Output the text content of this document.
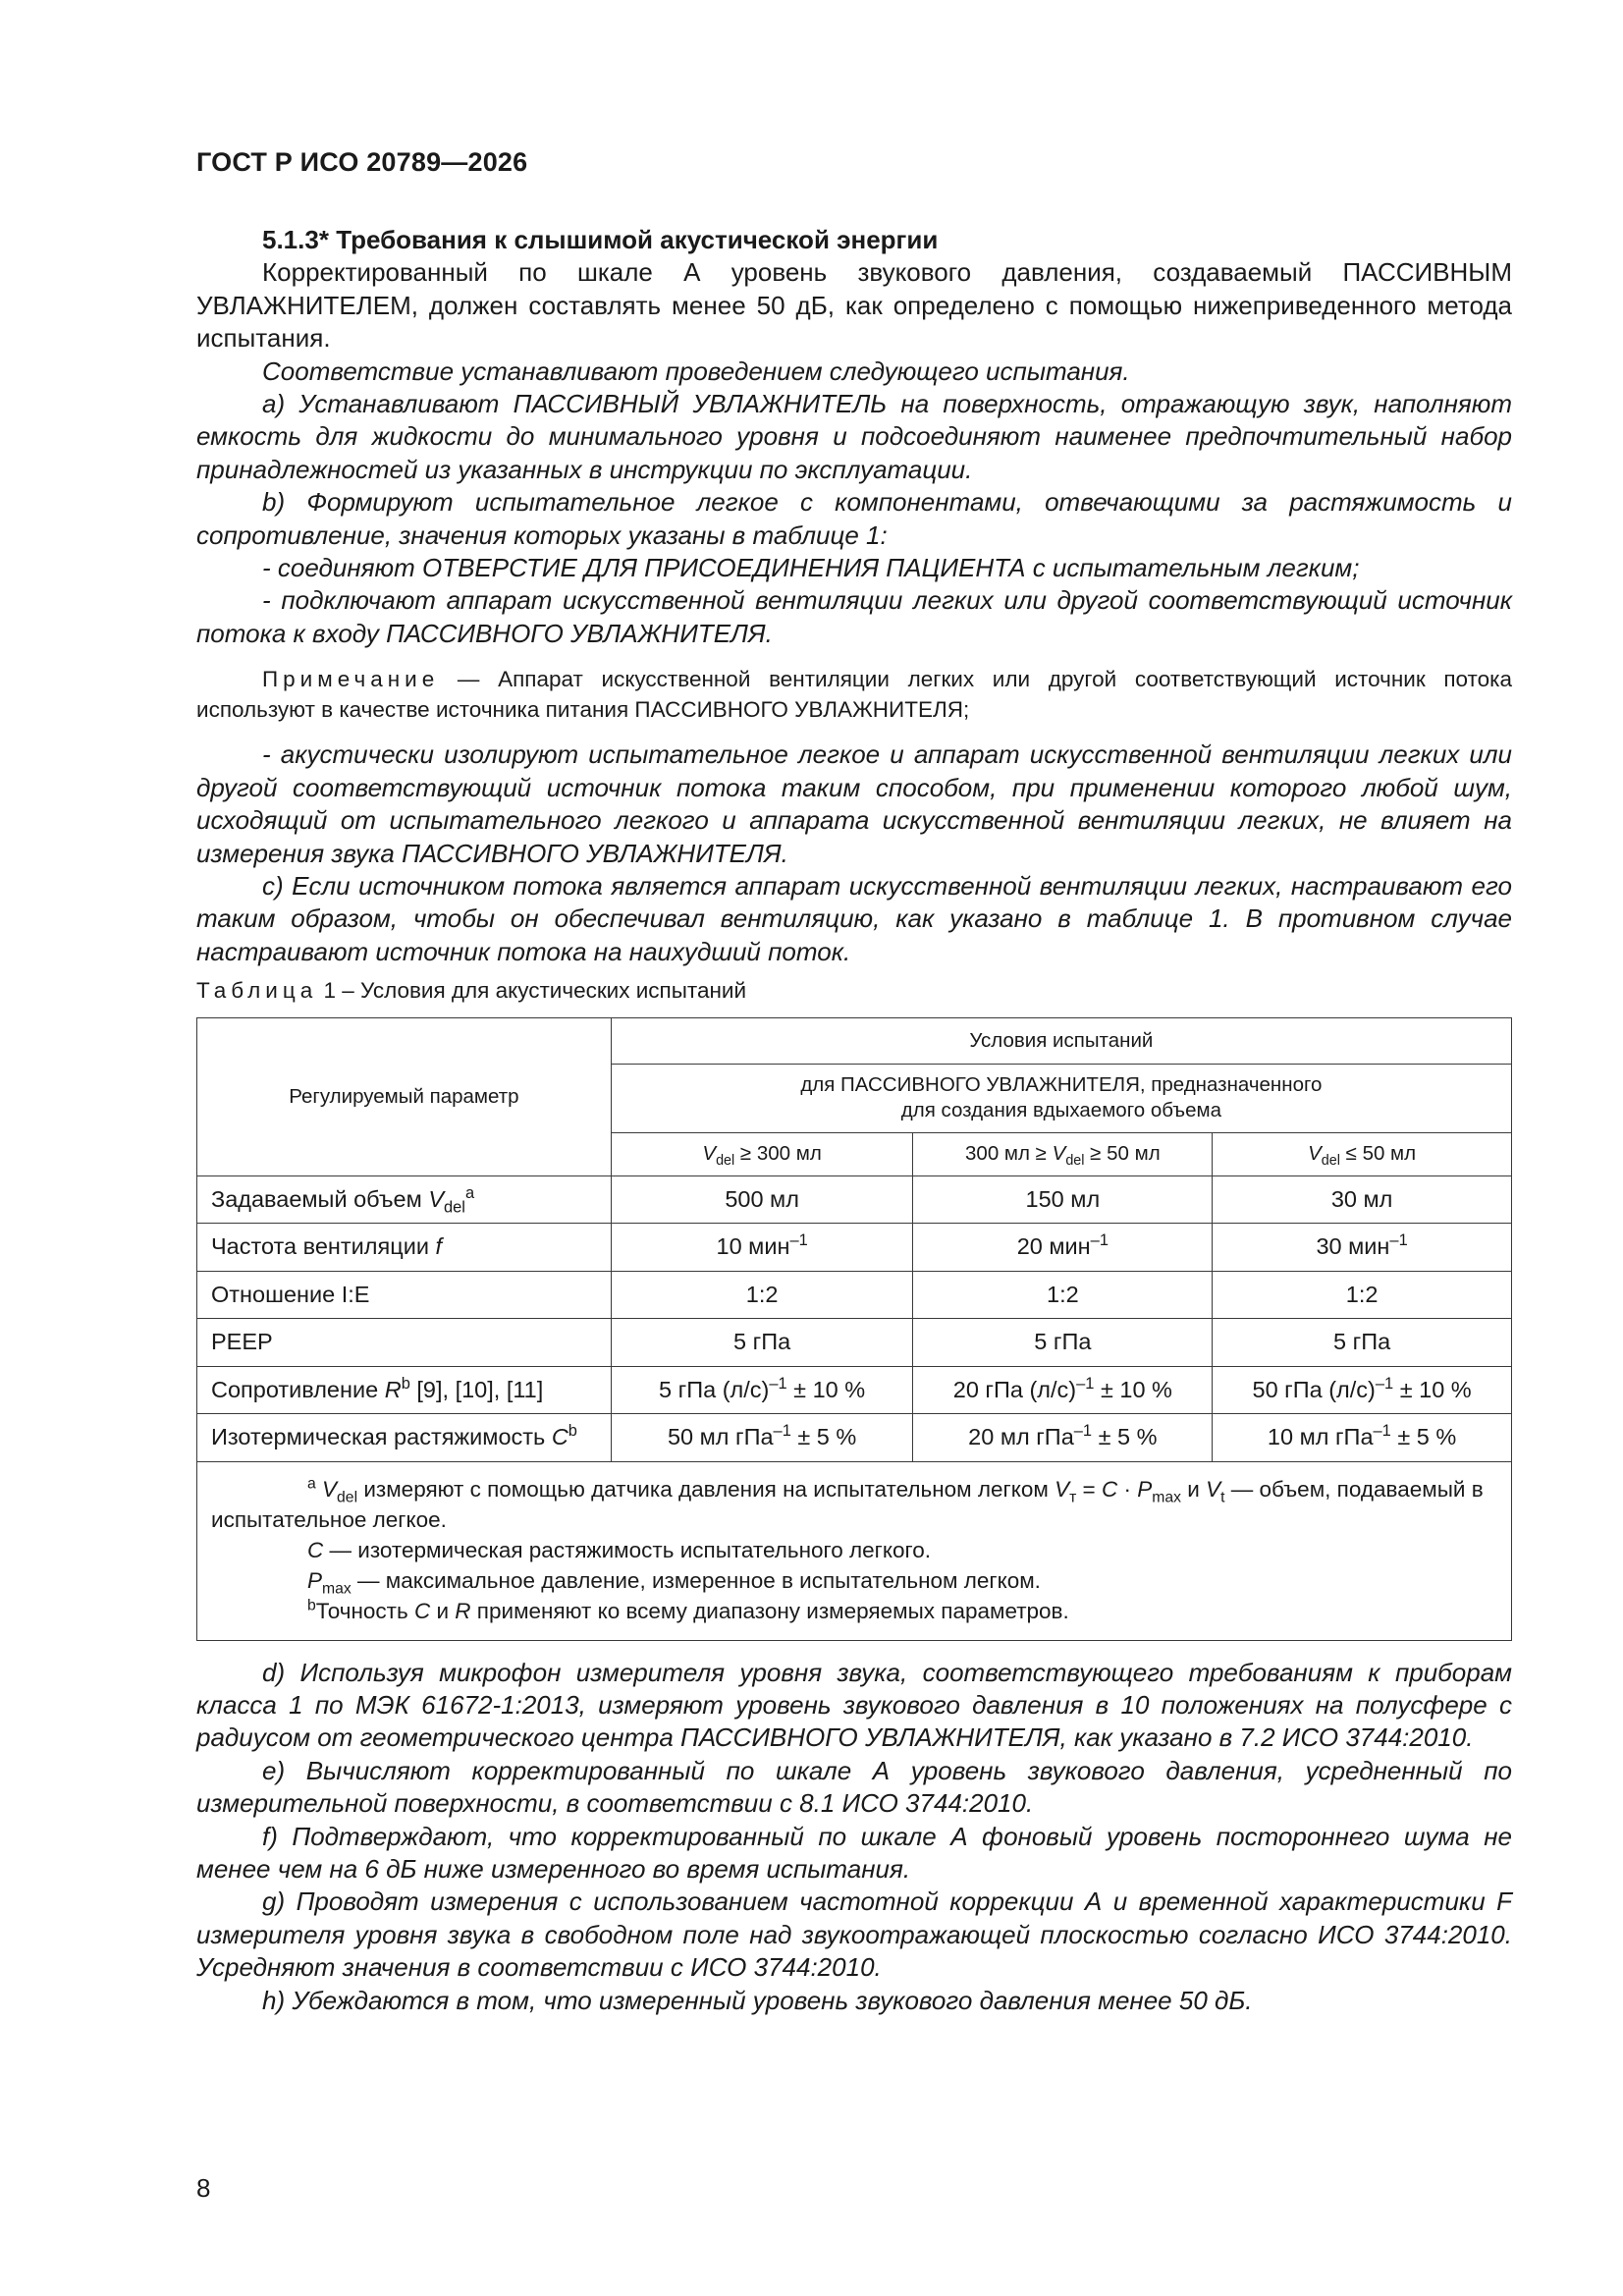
ГОСТ Р ИСО 20789—2026

5.1.3* Требования к слышимой акустической энергии

Корректированный по шкале А уровень звукового давления, создаваемый ПАССИВНЫМ УВЛАЖНИТЕЛЕМ, должен составлять менее 50 дБ, как определено с помощью нижеприведенного метода испытания.

Соответствие устанавливают проведением следующего испытания.

а) Устанавливают ПАССИВНЫЙ УВЛАЖНИТЕЛЬ на поверхность, отражающую звук, наполняют емкость для жидкости до минимального уровня и подсоединяют наименее предпочтительный набор принадлежностей из указанных в инструкции по эксплуатации.

b) Формируют испытательное легкое с компонентами, отвечающими за растяжимость и сопротивление, значения которых указаны в таблице 1:

- соединяют ОТВЕРСТИЕ ДЛЯ ПРИСОЕДИНЕНИЯ ПАЦИЕНТА с испытательным легким;

- подключают аппарат искусственной вентиляции легких или другой соответствующий источник потока к входу ПАССИВНОГО УВЛАЖНИТЕЛЯ.

Примечание — Аппарат искусственной вентиляции легких или другой соответствующий источник потока используют в качестве источника питания ПАССИВНОГО УВЛАЖНИТЕЛЯ;

- акустически изолируют испытательное легкое и аппарат искусственной вентиляции легких или другой соответствующий источник потока таким способом, при применении которого любой шум, исходящий от испытательного легкого и аппарата искусственной вентиляции легких, не влияет на измерения звука ПАССИВНОГО УВЛАЖНИТЕЛЯ.

с) Если источником потока является аппарат искусственной вентиляции легких, настраивают его таким образом, чтобы он обеспечивал вентиляцию, как указано в таблице 1. В противном случае настраивают источник потока на наихудший поток.

Таблица 1 – Условия для акустических испытаний

Регулируемый параметр	Условия испытаний		
	для ПАССИВНОГО УВЛАЖНИТЕЛЯ, предназначенного
для создания вдыхаемого объема		
	$V_{del} \ge 300$ мл	300 мл ≥ $V_{del} \ge 50$ мл	$V_{del} \le 50$ мл
Задаваемый объем $V_{del}^a$	500 мл	150 мл	30 мл
Частота вентиляции f	10 мин$^{-1}$	20 мин$^{-1}$	30 мин$^{-1}$
Отношение I:E	1:2	1:2	1:2
PEEP	5 гПа	5 гПа	5 гПа
Сопротивление $R^b$ [9], [10], [11]	5 гПа $(л/с)^{-1} \pm 10$ %	20 гПа $(л/с)^{-1} \pm 10$ %	50 гПа $(л/с)^{-1} \pm 10$ %
Изотермическая растяжимость $C^b$	50 мл гПа$^{-1}$ ± 5 %	20 мл гПа$^{-1}$ ± 5 %	10 мл гПа$^{-1}$ ± 5 %

$^a$ $V_{del}$ измеряют с помощью датчика давления на испытательном легком $V_т = C \cdot P_{max}$ и $V_t$ — объем, подаваемый в испытательное легкое.
C — изотермическая растяжимость испытательного легкого.
$P_{max}$ — максимальное давление, измеренное в испытательном легком.
$^b$Точность C и R применяют ко всему диапазону измеряемых параметров.			

d) Используя микрофон измерителя уровня звука, соответствующего требованиям к приборам класса 1 по МЭК 61672-1:2013, измеряют уровень звукового давления в 10 положениях на полусфере с радиусом от геометрического центра ПАССИВНОГО УВЛАЖНИТЕЛЯ, как указано в 7.2 ИСО 3744:2010.

е) Вычисляют корректированный по шкале А уровень звукового давления, усредненный по измерительной поверхности, в соответствии с 8.1 ИСО 3744:2010.

f) Подтверждают, что корректированный по шкале А фоновый уровень постороннего шума не менее чем на 6 дБ ниже измеренного во время испытания.

g) Проводят измерения с использованием частотной коррекции А и временной характеристики F измерителя уровня звука в свободном поле над звукоотражающей плоскостью согласно ИСО 3744:2010. Усредняют значения в соответствии с ИСО 3744:2010.

h) Убеждаются в том, что измеренный уровень звукового давления менее 50 дБ.

8
